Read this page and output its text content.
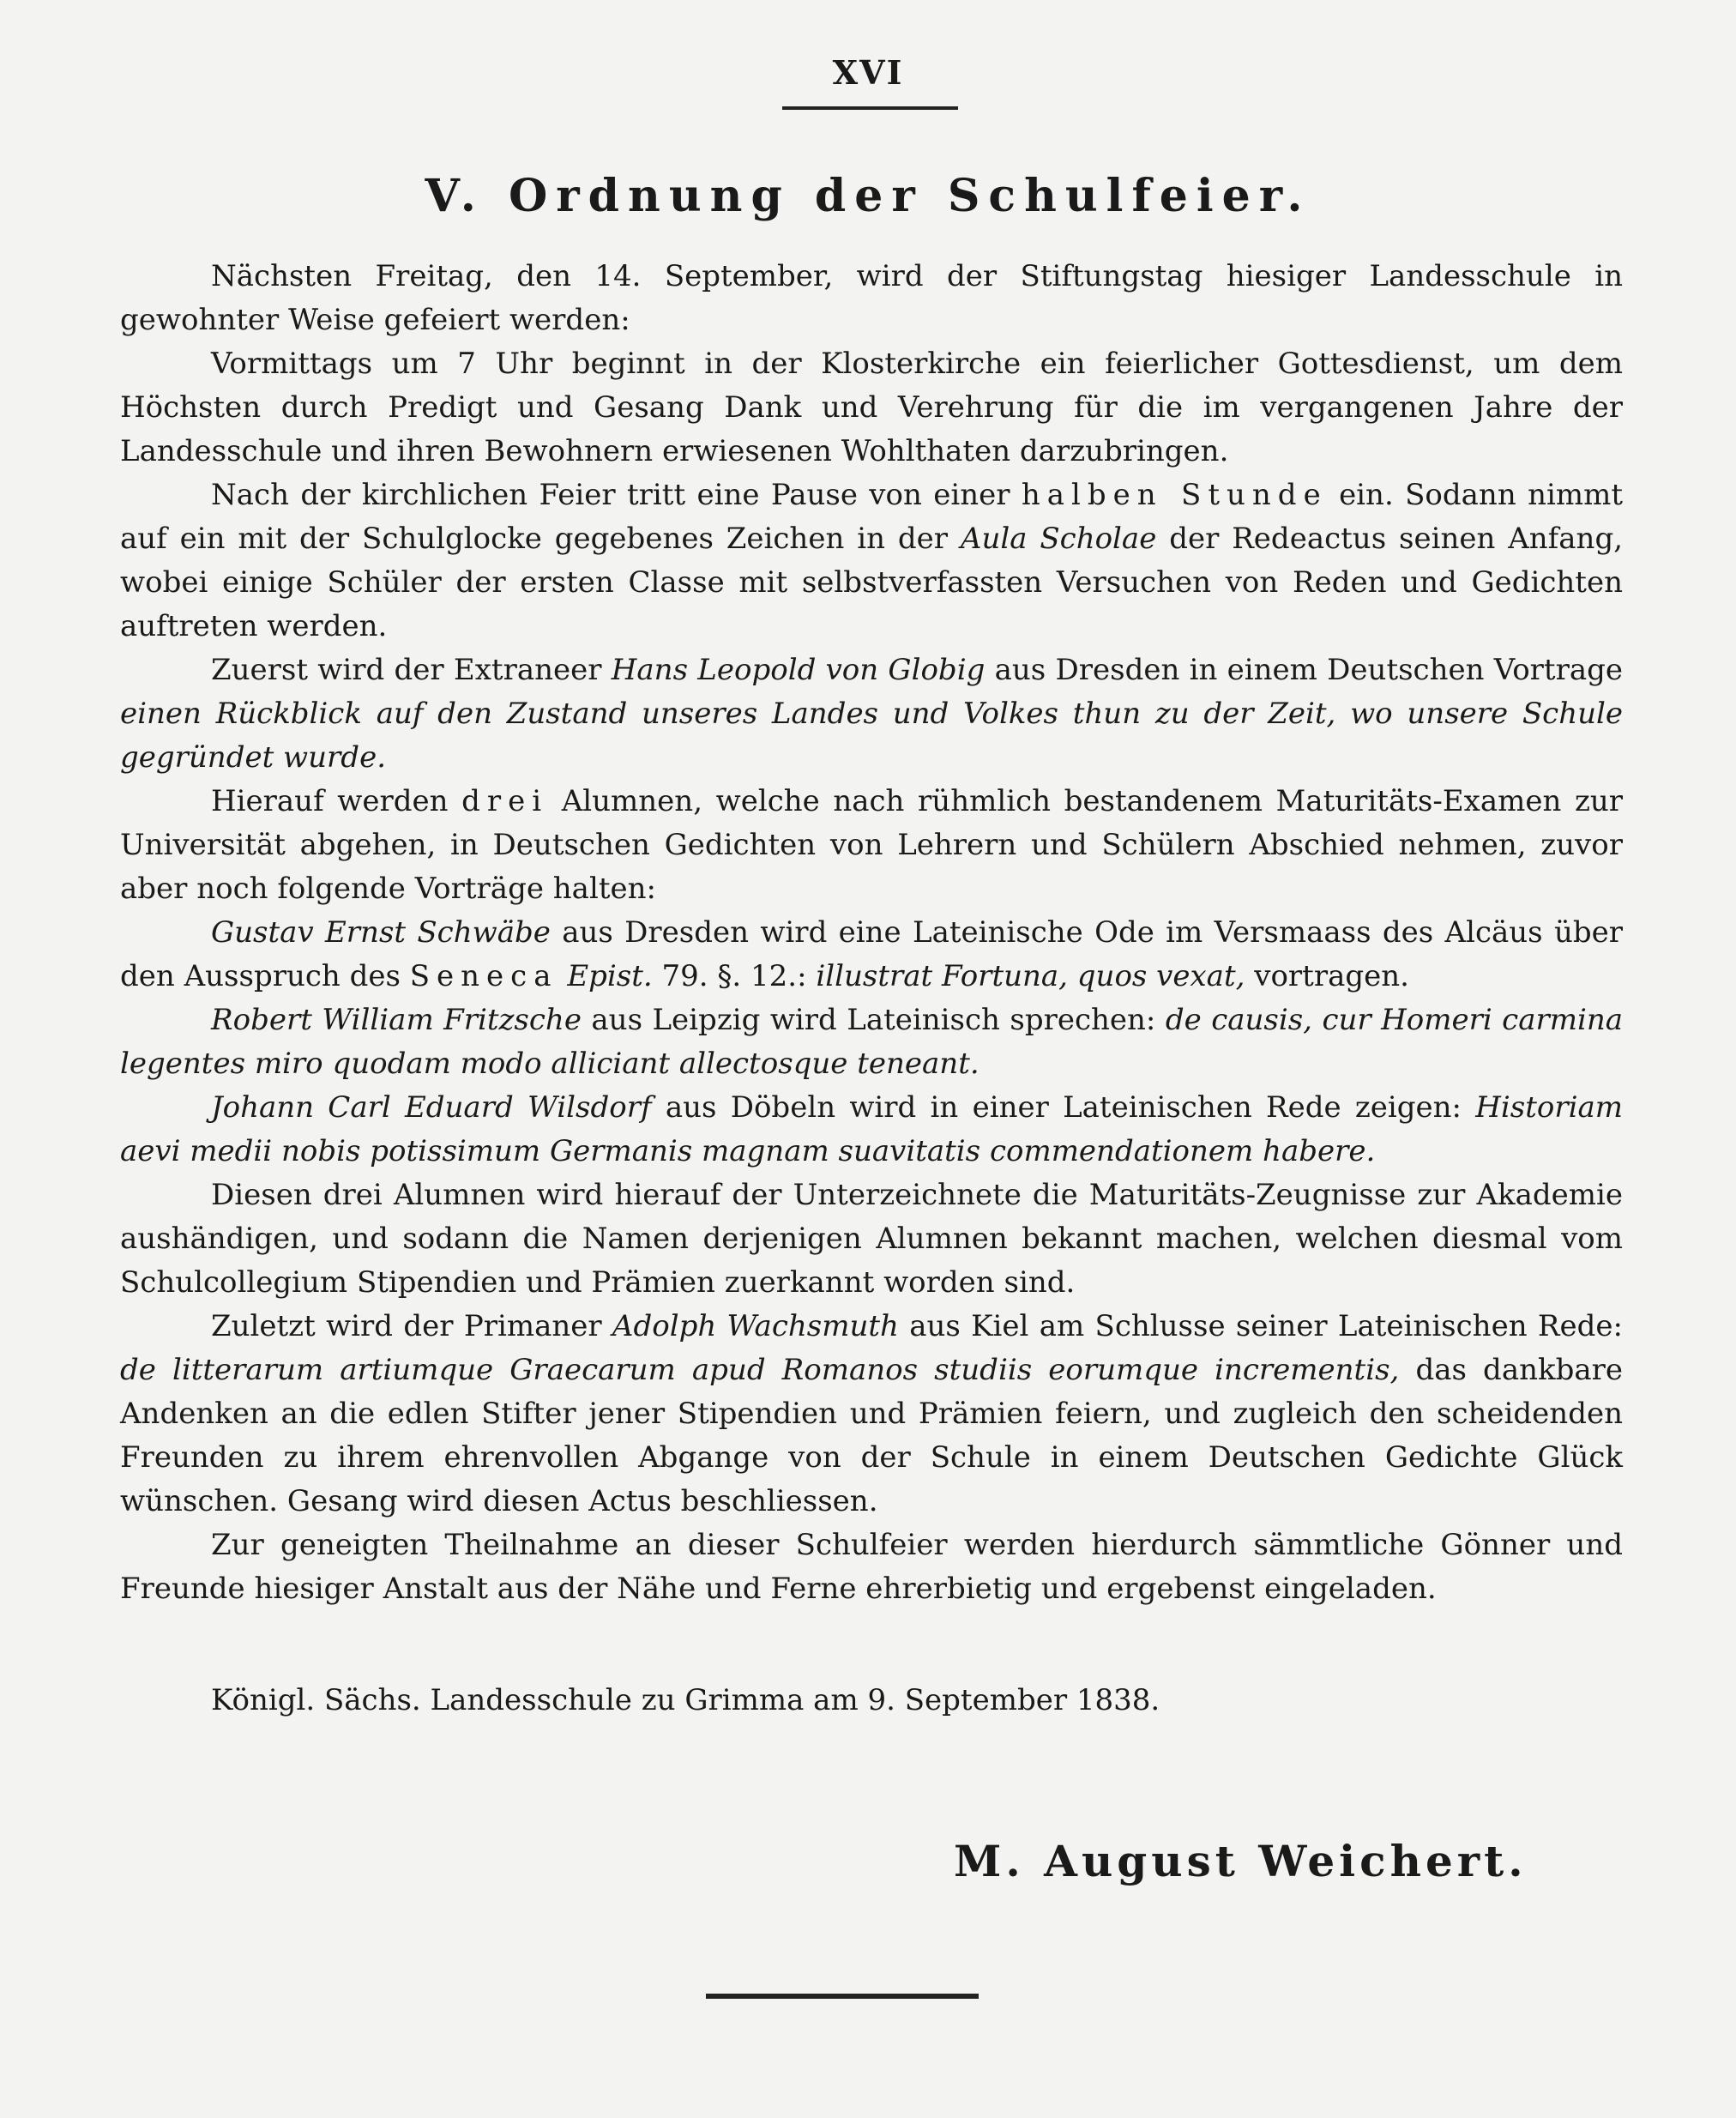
XVI
V. Ordnung der Schulfeier.

Nächsten Freitag, den 14. September, wird der Stiftungstag hiesiger Landesschule in gewohnter Weise gefeiert werden:

Vormittags um 7 Uhr beginnt in der Klosterkirche ein feierlicher Gottesdienst, um dem Höchsten durch Predigt und Gesang Dank und Verehrung für die im vergangenen Jahre der Landesschule und ihren Bewohnern erwiesenen Wohlthaten darzubringen.

Nach der kirchlichen Feier tritt eine Pause von einer halben Stunde ein. Sodann nimmt auf ein mit der Schulglocke gegebenes Zeichen in der Aula Scholae der Redeactus seinen Anfang, wobei einige Schüler der ersten Classe mit selbstverfassten Versuchen von Reden und Gedichten auftreten werden.

Zuerst wird der Extraneer Hans Leopold von Globig aus Dresden in einem Deutschen Vortrage einen Rückblick auf den Zustand unseres Landes und Volkes thun zu der Zeit, wo unsere Schule gegründet wurde.

Hierauf werden drei Alumnen, welche nach rühmlich bestandenem Maturitäts-Examen zur Universität abgehen, in Deutschen Gedichten von Lehrern und Schülern Abschied nehmen, zuvor aber noch folgende Vorträge halten:

Gustav Ernst Schwäbe aus Dresden wird eine Lateinische Ode im Versmaass des Alcäus über den Ausspruch des Seneca Epist. 79. §. 12.: illustrat Fortuna, quos vexat, vortragen.

Robert William Fritzsche aus Leipzig wird Lateinisch sprechen: de causis, cur Homeri carmina legentes miro quodam modo alliciant allectosque teneant.

Johann Carl Eduard Wilsdorf aus Döbeln wird in einer Lateinischen Rede zeigen: Historiam aevi medii nobis potissimum Germanis magnam suavitatis commendationem habere.

Diesen drei Alumnen wird hierauf der Unterzeichnete die Maturitäts-Zeugnisse zur Akademie aushändigen, und sodann die Namen derjenigen Alumnen bekannt machen, welchen diesmal vom Schulcollegium Stipendien und Prämien zuerkannt worden sind.

Zuletzt wird der Primaner Adolph Wachsmuth aus Kiel am Schlusse seiner Lateinischen Rede: de litterarum artiumque Graecarum apud Romanos studiis eorumque incrementis, das dankbare Andenken an die edlen Stifter jener Stipendien und Prämien feiern, und zugleich den scheidenden Freunden zu ihrem ehrenvollen Abgange von der Schule in einem Deutschen Gedichte Glück wünschen. Gesang wird diesen Actus beschliessen.

Zur geneigten Theilnahme an dieser Schulfeier werden hierdurch sämmtliche Gönner und Freunde hiesiger Anstalt aus der Nähe und Ferne ehrerbietig und ergebenst eingeladen.

Königl. Sächs. Landesschule zu Grimma am 9. September 1838.

M. August Weichert.
